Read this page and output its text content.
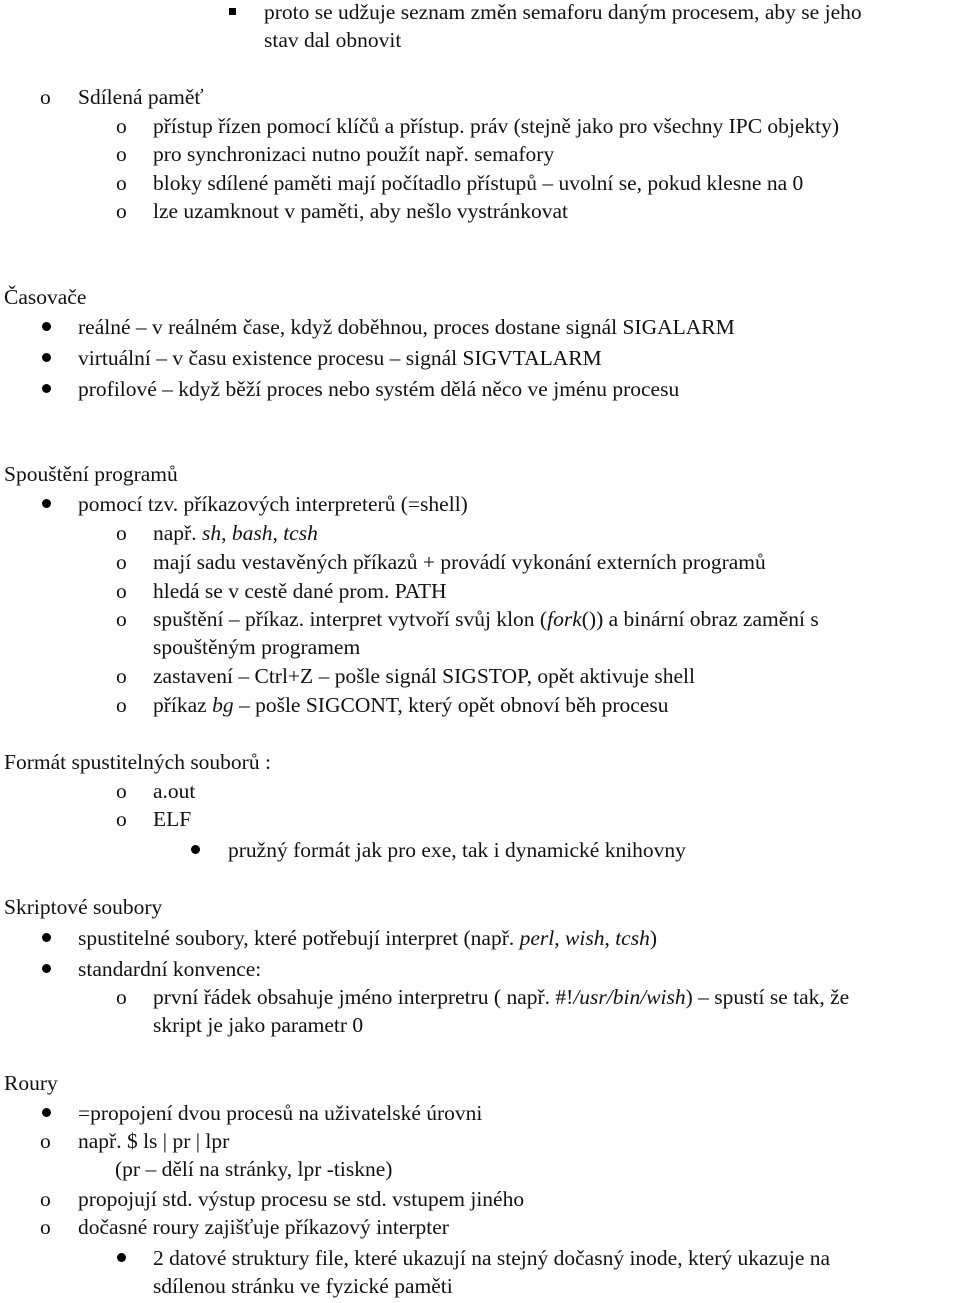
proto se udžuje seznam změn semaforu daným procesem, aby se jeho
stav dal obnovit
o Sdílená paměť
o přístup řízen pomocí klíčů a přístup. práv (stejně jako pro všechny IPC objekty)
o pro synchronizaci nutno použít např. semafory
o bloky sdílené paměti mají počítadlo přístupů – uvolní se, pokud klesne na 0
o lze uzamknout v paměti, aby nešlo vystránkovat
Časovače
reálné – v reálném čase, když doběhnou, proces dostane signál SIGALARM
virtuální – v času existence procesu – signál SIGVTALARM
profilové – když běží proces nebo systém dělá něco ve jménu procesu
Spouštění programů
pomocí tzv. příkazových interpreterů (=shell)
o např. sh, bash, tcsh
o mají sadu vestavěných příkazů + provádí vykonání externích programů
o hledá se v cestě dané prom. PATH
o spuštění – příkaz. interpret vytvoří svůj klon (fork()) a binární obraz zamění s
spouštěným programem
o zastavení – Ctrl+Z – pošle signál SIGSTOP, opět aktivuje shell
o příkaz bg – pošle SIGCONT, který opět obnoví běh procesu
Formát spustitelných souborů :
o a.out
o ELF
pružný formát jak pro exe, tak i dynamické knihovny
Skriptové soubory
spustitelné soubory, které potřebují interpret (např. perl, wish, tcsh)
standardní konvence:
o první řádek obsahuje jméno interpretru ( např. #!/usr/bin/wish) – spustí se tak, že
skript je jako parametr 0
Roury
=propojení dvou procesů na uživatelské úrovni
o např. $ ls | pr | lpr
(pr – dělí na stránky, lpr -tiskne)
o propojují std. výstup procesu se std. vstupem jiného
o dočasné roury zajišťuje příkazový interpter
2 datové struktury file, které ukazují na stejný dočasný inode, který ukazuje na
sdílenou stránku ve fyzické paměti
